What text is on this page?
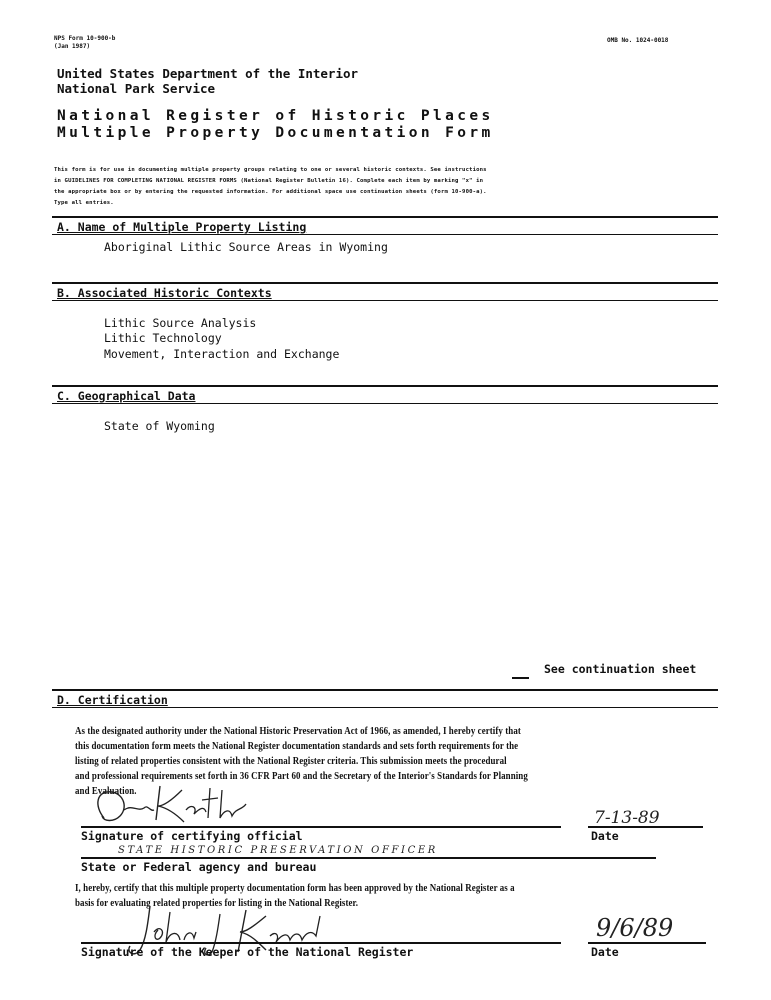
NPS Form 10-900-b
(Jan 1987)
OMB No. 1024-0018
United States Department of the Interior
National Park Service
National Register of Historic Places
Multiple Property Documentation Form
This form is for use in documenting multiple property groups relating to one or several historic contexts. See instructions
in GUIDELINES FOR COMPLETING NATIONAL REGISTER FORMS (National Register Bulletin 16). Complete each item by marking "x" in
the appropriate box or by entering the requested information. For additional space use continuation sheets (form 10-900-a).
Type all entries.
A. Name of Multiple Property Listing
Aboriginal Lithic Source Areas in Wyoming
B. Associated Historic Contexts
Lithic Source Analysis
Lithic Technology
Movement, Interaction and Exchange
C. Geographical Data
State of Wyoming
See continuation sheet
D. Certification
As the designated authority under the National Historic Preservation Act of 1966, as amended, I hereby certify that
this documentation form meets the National Register documentation standards and sets forth requirements for the
listing of related properties consistent with the National Register criteria. This submission meets the procedural
and professional requirements set forth in 36 CFR Part 60 and the Secretary of the Interior's Standards for Planning
and Evaluation.
Signature of certifying official
7-13-89
Date
STATE HISTORIC PRESERVATION OFFICER
State or Federal agency and bureau
I, hereby, certify that this multiple property documentation form has been approved by the National Register as a
basis for evaluating related properties for listing in the National Register.
Signature of the Keeper of the National Register
9/6/89
Date
